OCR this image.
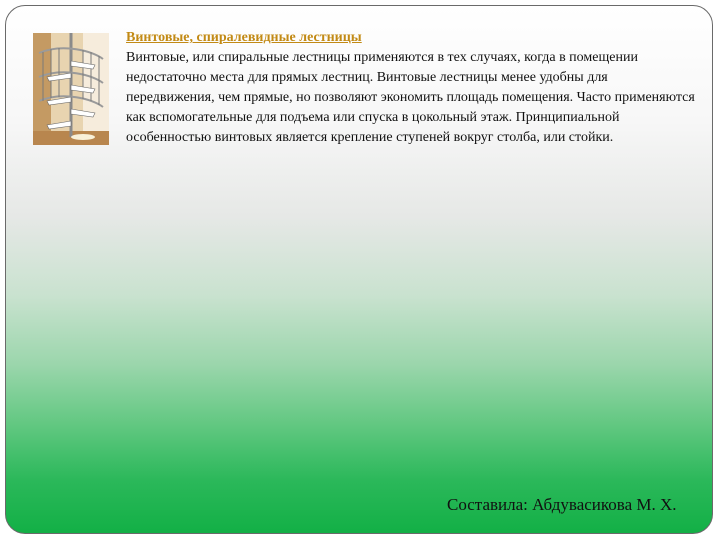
Винтовые, спиралевидные лестницы

Винтовые, или спиральные лестницы применяются в тех случаях, когда в помещении недостаточно места для прямых лестниц. Винтовые лестницы менее удобны для передвижения, чем прямые, но позволяют экономить площадь помещения. Часто применяются как вспомогательные для подъема или спуска в цокольный этаж. Принципиальной особенностью винтовых является крепление ступеней вокруг столба, или стойки.

Составила: Абдувасикова М. Х.
